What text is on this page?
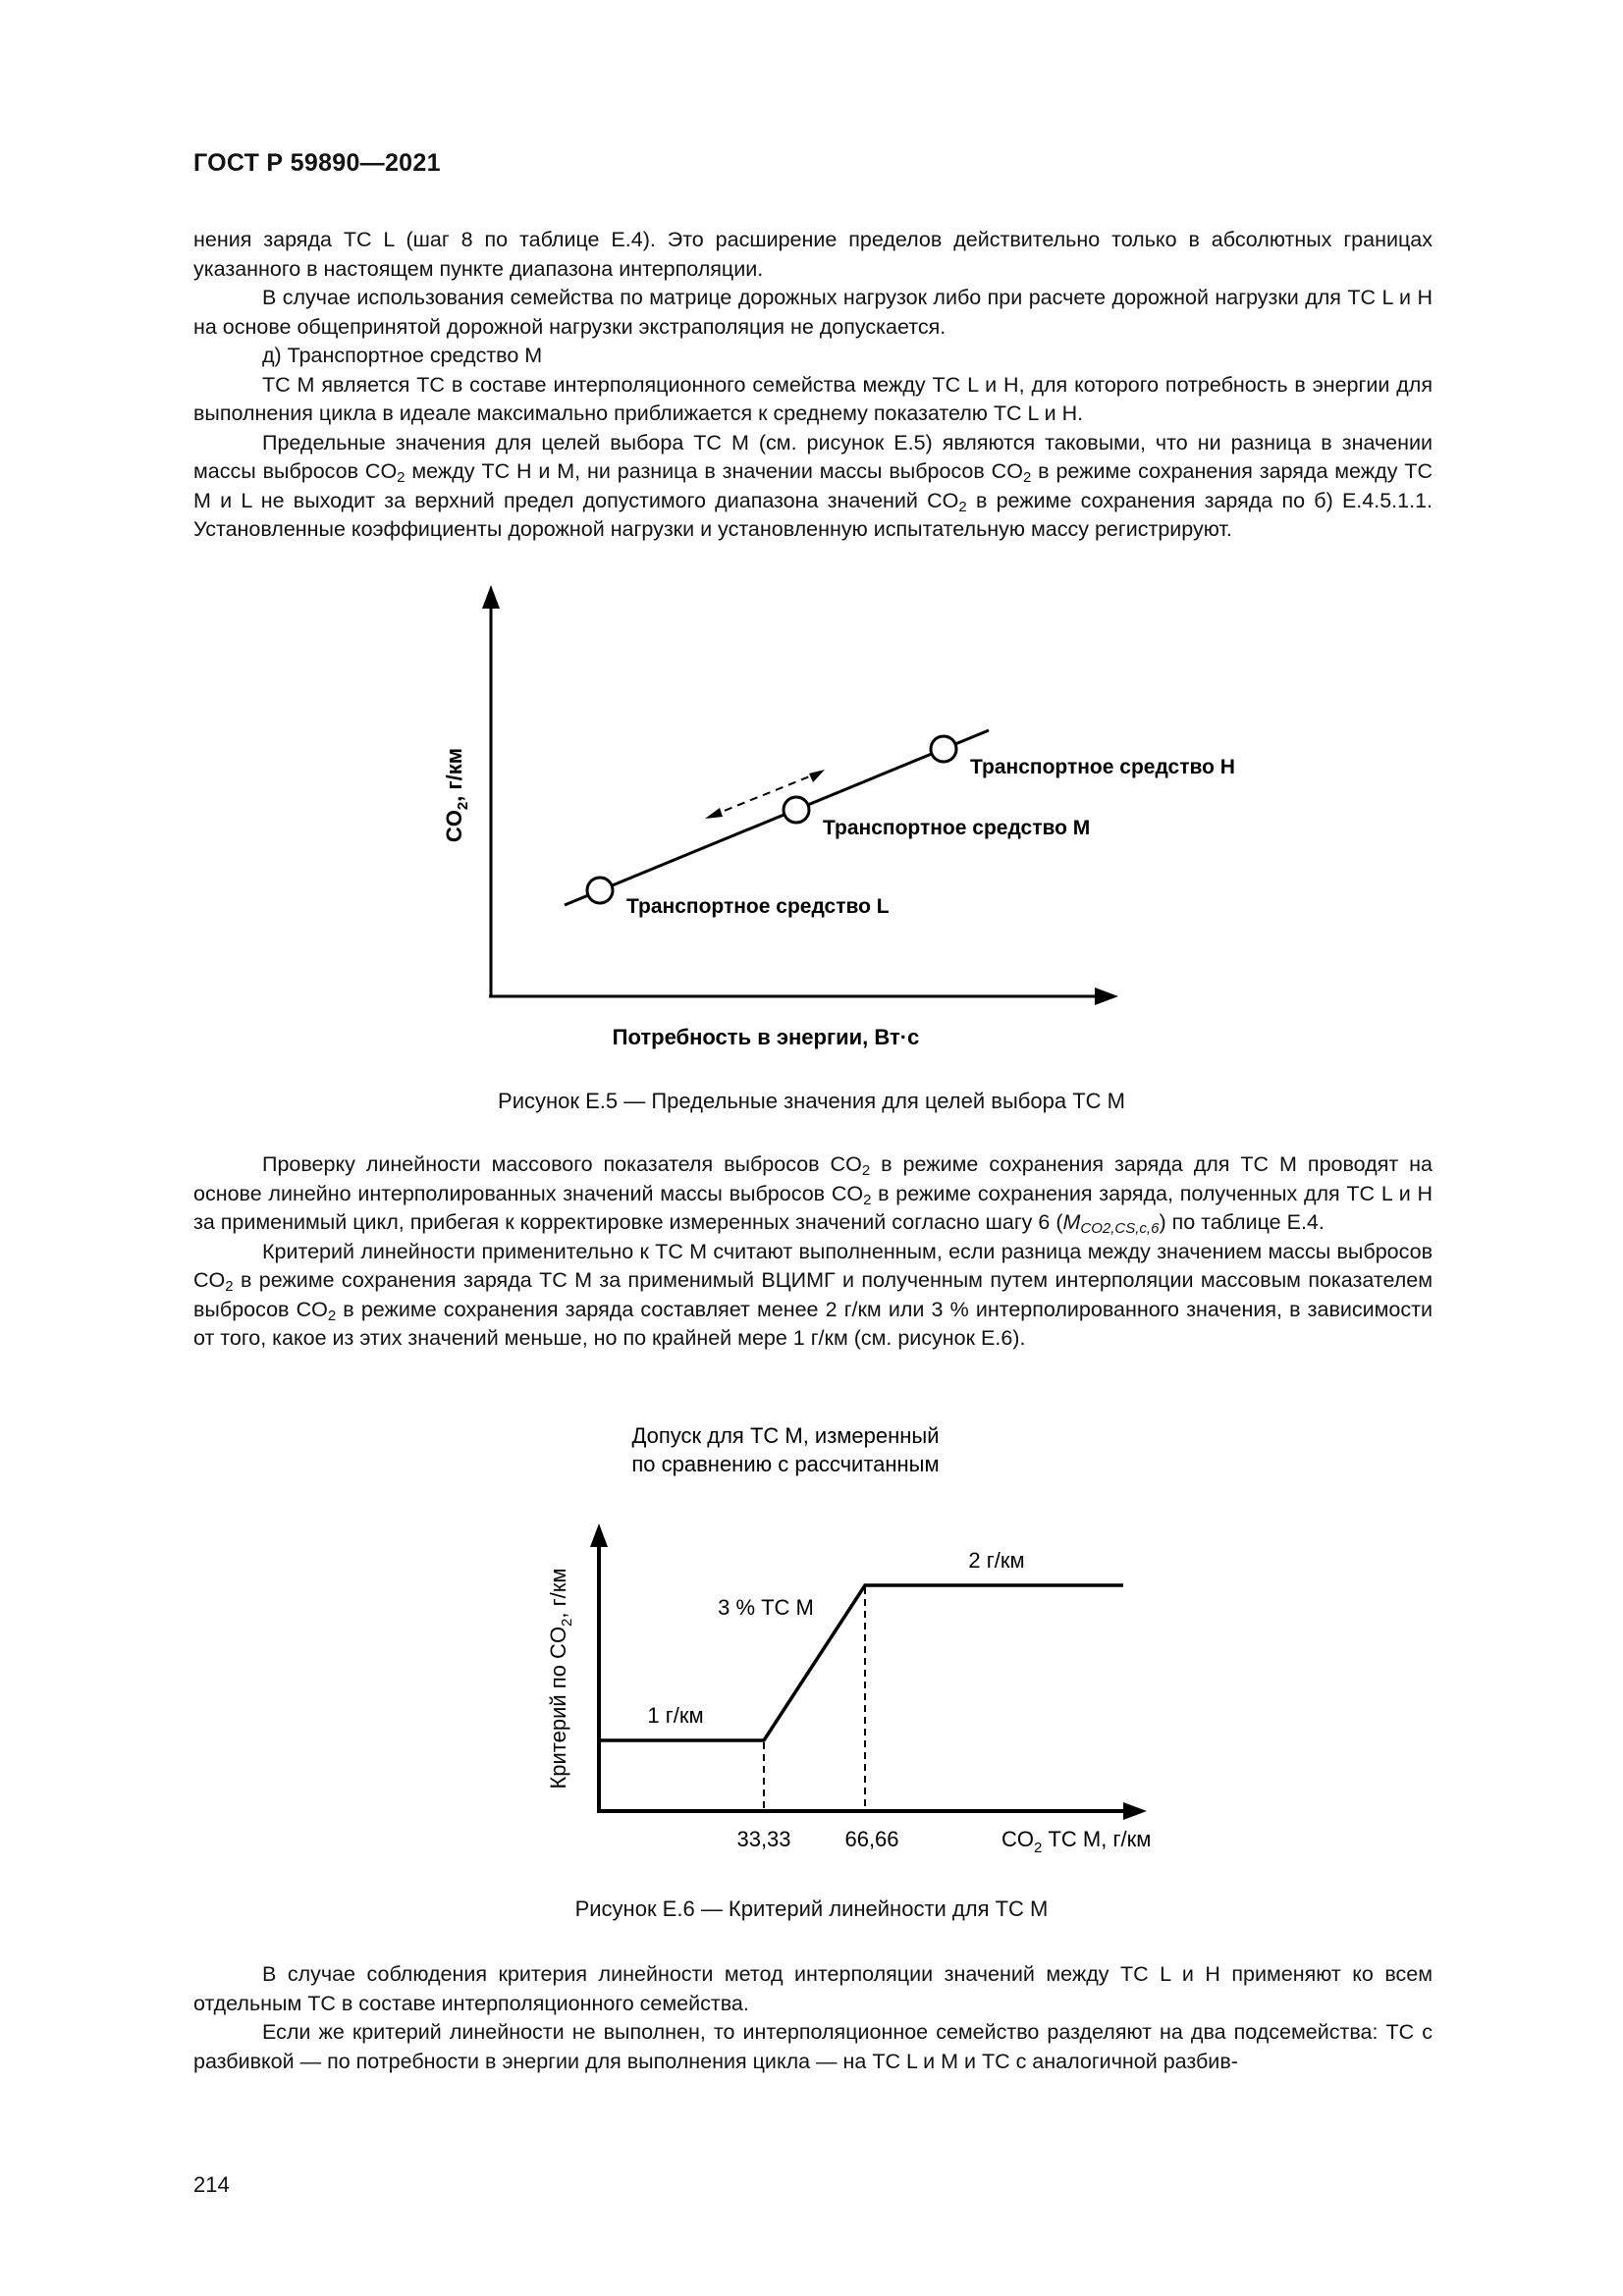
ГОСТ Р 59890—2021

нения заряда ТС L (шаг 8 по таблице Е.4). Это расширение пределов действительно только в абсолютных границах указанного в настоящем пункте диапазона интерполяции.

В случае использования семейства по матрице дорожных нагрузок либо при расчете дорожной нагрузки для ТС L и Н на основе общепринятой дорожной нагрузки экстраполяция не допускается.

д) Транспортное средство М

ТС М является ТС в составе интерполяционного семейства между ТС L и Н, для которого потребность в энергии для выполнения цикла в идеале максимально приближается к среднему показателю ТС L и Н.

Предельные значения для целей выбора ТС М (см. рисунок Е.5) являются таковыми, что ни разница в значении массы выбросов $CO_2$ между ТС Н и М, ни разница в значении массы выбросов $CO_2$ в режиме сохранения заряда между ТС М и L не выходит за верхний предел допустимого диапазона значений $CO_2$ в режиме сохранения заряда по б) Е.4.5.1.1. Установленные коэффициенты дорожной нагрузки и установленную испытательную массу регистрируют.

$CO_2$, г/км	Транспортное средство Н
Транспортное средство М
Транспортное средство L
Потребность в энергии, Вт·с
Рисунок Е.5 — Предельные значения для целей выбора ТС М

Проверку линейности массового показателя выбросов $CO_2$ в режиме сохранения заряда для ТС М проводят на основе линейно интерполированных значений массы выбросов $CO_2$ в режиме сохранения заряда, полученных для ТС L и Н за применимый цикл, прибегая к корректировке измеренных значений согласно шагу 6 $(M_{CO2,CS,c,6})$ по таблице Е.4.

Критерий линейности применительно к ТС М считают выполненным, если разница между значением массы выбросов $CO_2$ в режиме сохранения заряда ТС М за применимый ВЦИМГ и полученным путем интерполяции массовым показателем выбросов $CO_2$ в режиме сохранения заряда составляет менее 2 г/км или 3 % интерполированного значения, в зависимости от того, какое из этих значений меньше, но по крайней мере 1 г/км (см. рисунок Е.6).

Допуск для ТС М, измеренный
по сравнению с рассчитанным
Критерий по $CO_2$, г/км
2 г/км
3 % ТС М
1 г/км
33,33 66,66	$CO_2$ ТС М, г/км
Рисунок Е.6 — Критерий линейности для ТС М

В случае соблюдения критерия линейности метод интерполяции значений между ТС L и Н применяют ко всем отдельным ТС в составе интерполяционного семейства.

Если же критерий линейности не выполнен, то интерполяционное семейство разделяют на два подсемейства: ТС с разбивкой — по потребности в энергии для выполнения цикла — на ТС L и М и ТС с аналогичной разбив-

214
